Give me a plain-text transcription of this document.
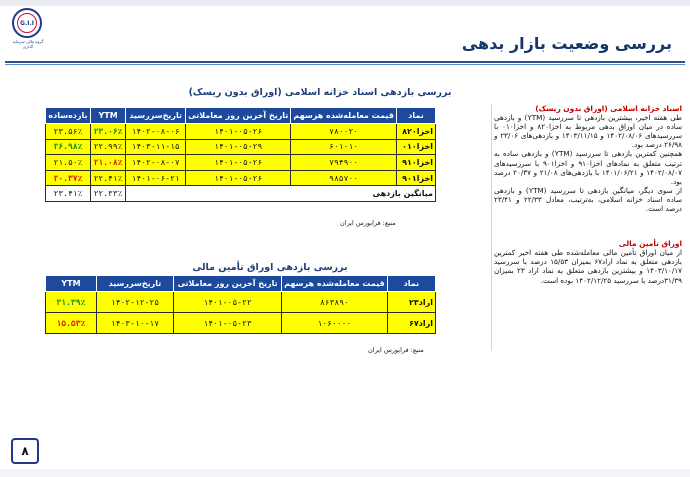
G.I.I
گروه مالی سرمایه گذاری	بررسی وضعیت بازار بدهی
بررسی بازدهی اسناد خزانه اسلامی (اوراق بدون ریسک)
نماد	قیمت معامله‌شده هرسهم	تاریخ آخرین روز معاملاتی	تاریخ‌سررسید	YTM	بازده‌ساده
اخزا۸۲۰	۷۸۰۰۲۰	۱۴۰۱-۰۵-۲۶	۱۴۰۲-۰۸-۰۶	۲۳.۰۶٪	۲۳.۵۶٪
اخزا۰۱۰	۶۰۱۰۱۰	۱۴۰۱-۰۵-۲۹	۱۴۰۳-۱۱-۱۵	۲۲.۹۹٪	۲۶.۹۸٪
اخزا۹۱۰	۷۹۴۹۰۰	۱۴۰۱-۰۵-۲۶	۱۴۰۲-۰۸-۰۷	۲۱.۰۸٪	۲۱.۵۰٪
اخزا۹۰۱	۹۸۵۷۰۰	۱۴۰۱-۰۵-۲۶	۱۴۰۱-۰۶-۲۱	۲۲.۴۱٪	۲۰.۳۷٪
میانگین بازدهی				۲۲.۳۳٪	۲۳.۴۱٪
منبع: فرابورس ایران
بررسی بازدهی اوراق تأمین مالی
نماد	قیمت معامله‌شده هرسهم	تاریخ آخرین روز معاملاتی	تاریخ‌سررسید	YTM
اراد۲۳	۸۶۳۸۹۰	۱۴۰۱-۰۵-۲۲	۱۴۰۲-۱۲-۲۵	۳۱.۳۹٪
اراد۶۷	۱۰۶۰۰۰۰	۱۴۰۱-۰۵-۲۳	۱۴۰۳-۱۰-۱۷	۱۵.۵۳٪
منبع: فرابورس ایران

اسناد خزانه اسلامی (اوراق بدون ریسک)

طی هفته اخیر، بیشترین بازدهی تا سررسید (YTM) و بازدهی ساده در میان اوراق بدهی مربوط به اخزا۸۲۰ و اخزا۰۱۰ با سررسیدهای ۱۴۰۲/۰۸/۰۶ و ۱۴۰۳/۱۱/۱۵ و بازدهی‌های ۲۳/۰۶ و ۲۶/۹۸ درصد بود.

همچنین کمترین بازدهی تا سررسید (YTM) و بازدهی ساده به ترتیب متعلق به نمادهای اخزا۹۱۰ و اخزا۹۰۱ با سررسیدهای ۱۴۰۲/۰۸/۰۷ و ۱۴۰۱/۰۶/۲۱ با بازدهی‌های ۲۱/۰۸ و ۲۰/۳۷ درصد بود.

از سوی دیگر، میانگین بازدهی تا سررسید (YTM) و بازدهی ساده اسناد خزانه اسلامی، به‌ترتیب، معادل ۲۲/۳۳ و ۲۳/۴۱ درصد است.

اوراق تأمین مالی

از میان اوراق تأمین مالی معامله‌شده طی هفته اخیر کمترین بازدهی متعلق به نماد اراد۶۷ بمیزان ۱۵/۵۳ درصد با سررسید ۱۴۰۳/۱۰/۱۷ و بیشترین بازدهی متعلق به نماد اراد ۲۳ بمیزان ۳۱/۳۹درصد با سررسید ۱۴۰۲/۱۲/۲۵ بوده است.

۸
